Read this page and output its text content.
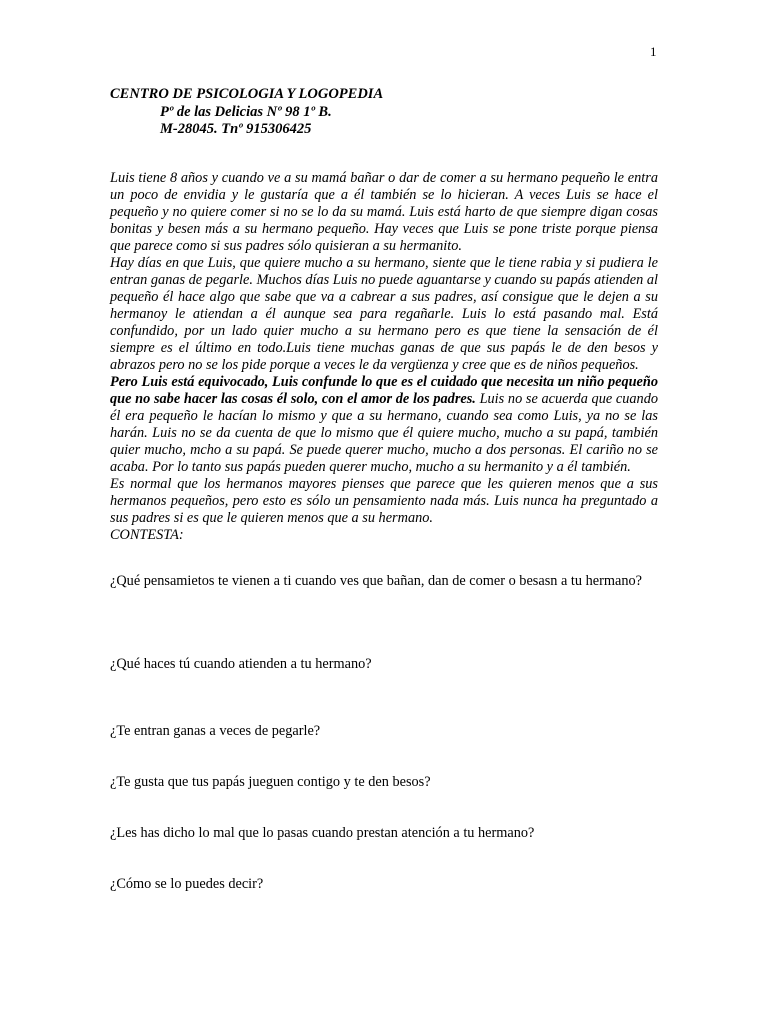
1
CENTRO DE PSICOLOGIA Y LOGOPEDIA
Pº de las Delicias Nº 98 1º B.
M-28045. Tnº 915306425

Luis tiene 8 años y cuando ve a su mamá bañar o dar de comer a su hermano pequeño le entra un poco de envidia y le gustaría que a él también se lo hicieran. A veces Luis se hace el pequeño y no quiere comer si no se lo da su mamá. Luis está harto de que siempre digan cosas bonitas y besen más a su hermano pequeño. Hay veces que Luis se pone triste porque piensa que parece como si sus padres sólo quisieran a su hermanito.

Hay días en que Luis, que quiere mucho a su hermano, siente que le tiene rabia y si pudiera le entran ganas de pegarle. Muchos días Luis no puede aguantarse y cuando su papás atienden al pequeño él hace algo que sabe que va a cabrear a sus padres, así consigue que le dejen a su hermanoy le atiendan a él aunque sea para regañarle. Luis lo está pasando mal. Está confundido, por un lado quier mucho a su hermano pero es que tiene la sensación de él siempre es el último en todo.Luis tiene muchas ganas de que sus papás le de den besos y abrazos pero no se los pide porque a veces le da vergüenza y cree que es de niños pequeños.

Pero Luis está equivocado, Luis confunde lo que es el cuidado que necesita un niño pequeño que no sabe hacer las cosas él solo, con el amor de los padres. Luis no se acuerda que cuando él era pequeño le hacían lo mismo y que a su hermano, cuando sea como Luis, ya no se las harán. Luis no se da cuenta de que lo mismo que él quiere mucho, mucho a su papá, también quier mucho, mcho a su papá. Se puede querer mucho, mucho a dos personas. El cariño no se acaba. Por lo tanto sus papás pueden querer mucho, mucho a su hermanito y a él también.

Es normal que los hermanos mayores pienses que parece que les quieren menos que a sus hermanos pequeños, pero esto es sólo un pensamiento nada más. Luis nunca ha preguntado a sus padres si es que le quieren menos que a su hermano.

CONTESTA:

¿Qué pensamietos te vienen a ti cuando ves que bañan, dan de comer o besasn a tu hermano?
¿Qué haces tú cuando atienden a tu hermano?
¿Te entran ganas a veces de pegarle?
¿Te gusta que tus papás jueguen contigo y te den besos?
¿Les has dicho lo mal que lo pasas cuando prestan atención a tu hermano?
¿Cómo se lo puedes decir?
